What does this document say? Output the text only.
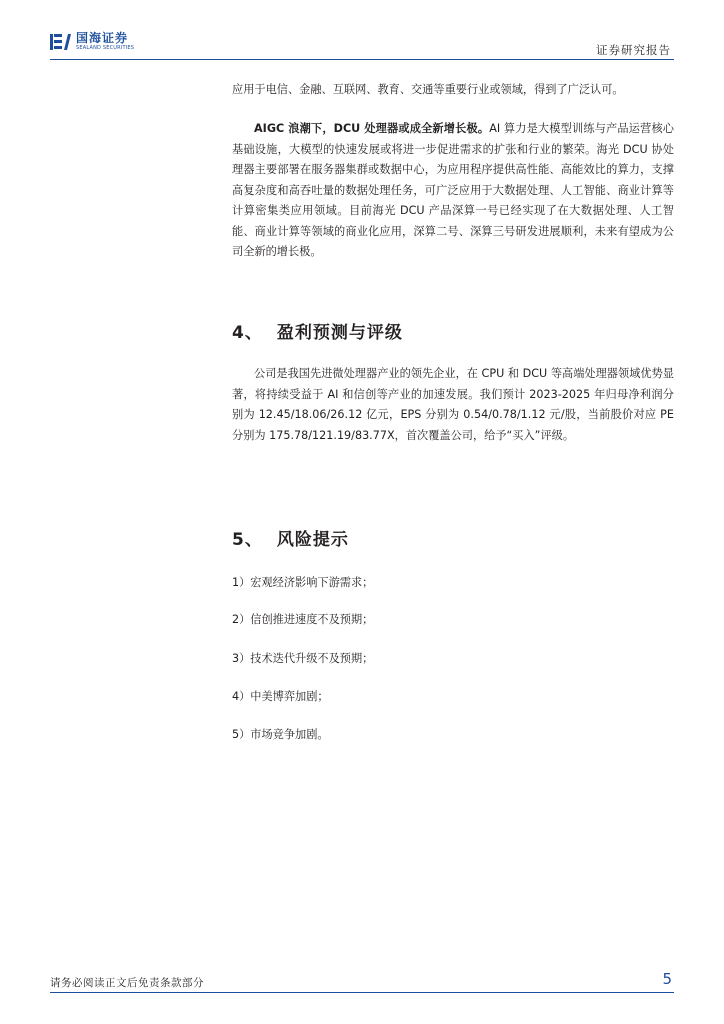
国海证券
SEALAND SECURITIES	证券研究报告

应用于电信、金融、互联网、教育、交通等重要行业或领域，得到了广泛认可。

AIGC 浪潮下，DCU 处理器或成全新增长极。AI 算力是大模型训练与产品运营核心基础设施，大模型的快速发展或将进一步促进需求的扩张和行业的繁荣。海光 DCU 协处理器主要部署在服务器集群或数据中心，为应用程序提供高性能、高能效比的算力，支撑高复杂度和高吞吐量的数据处理任务，可广泛应用于大数据处理、人工智能、商业计算等计算密集类应用领域。目前海光 DCU 产品深算一号已经实现了在大数据处理、人工智能、商业计算等领域的商业化应用，深算二号、深算三号研发进展顺利，未来有望成为公司全新的增长极。

4、 盈利预测与评级

公司是我国先进微处理器产业的领先企业，在 CPU 和 DCU 等高端处理器领域优势显著，将持续受益于 AI 和信创等产业的加速发展。我们预计 2023-2025 年归母净利润分别为 12.45/18.06/26.12 亿元，EPS 分别为 0.54/0.78/1.12 元/股，当前股价对应 PE 分别为 175.78/121.19/83.77X，首次覆盖公司，给予“买入”评级。

5、 风险提示
1）宏观经济影响下游需求；
2）信创推进速度不及预期；
3）技术迭代升级不及预期；
4）中美博弈加剧；
5）市场竞争加剧。
请务必阅读正文后免责条款部分	5
